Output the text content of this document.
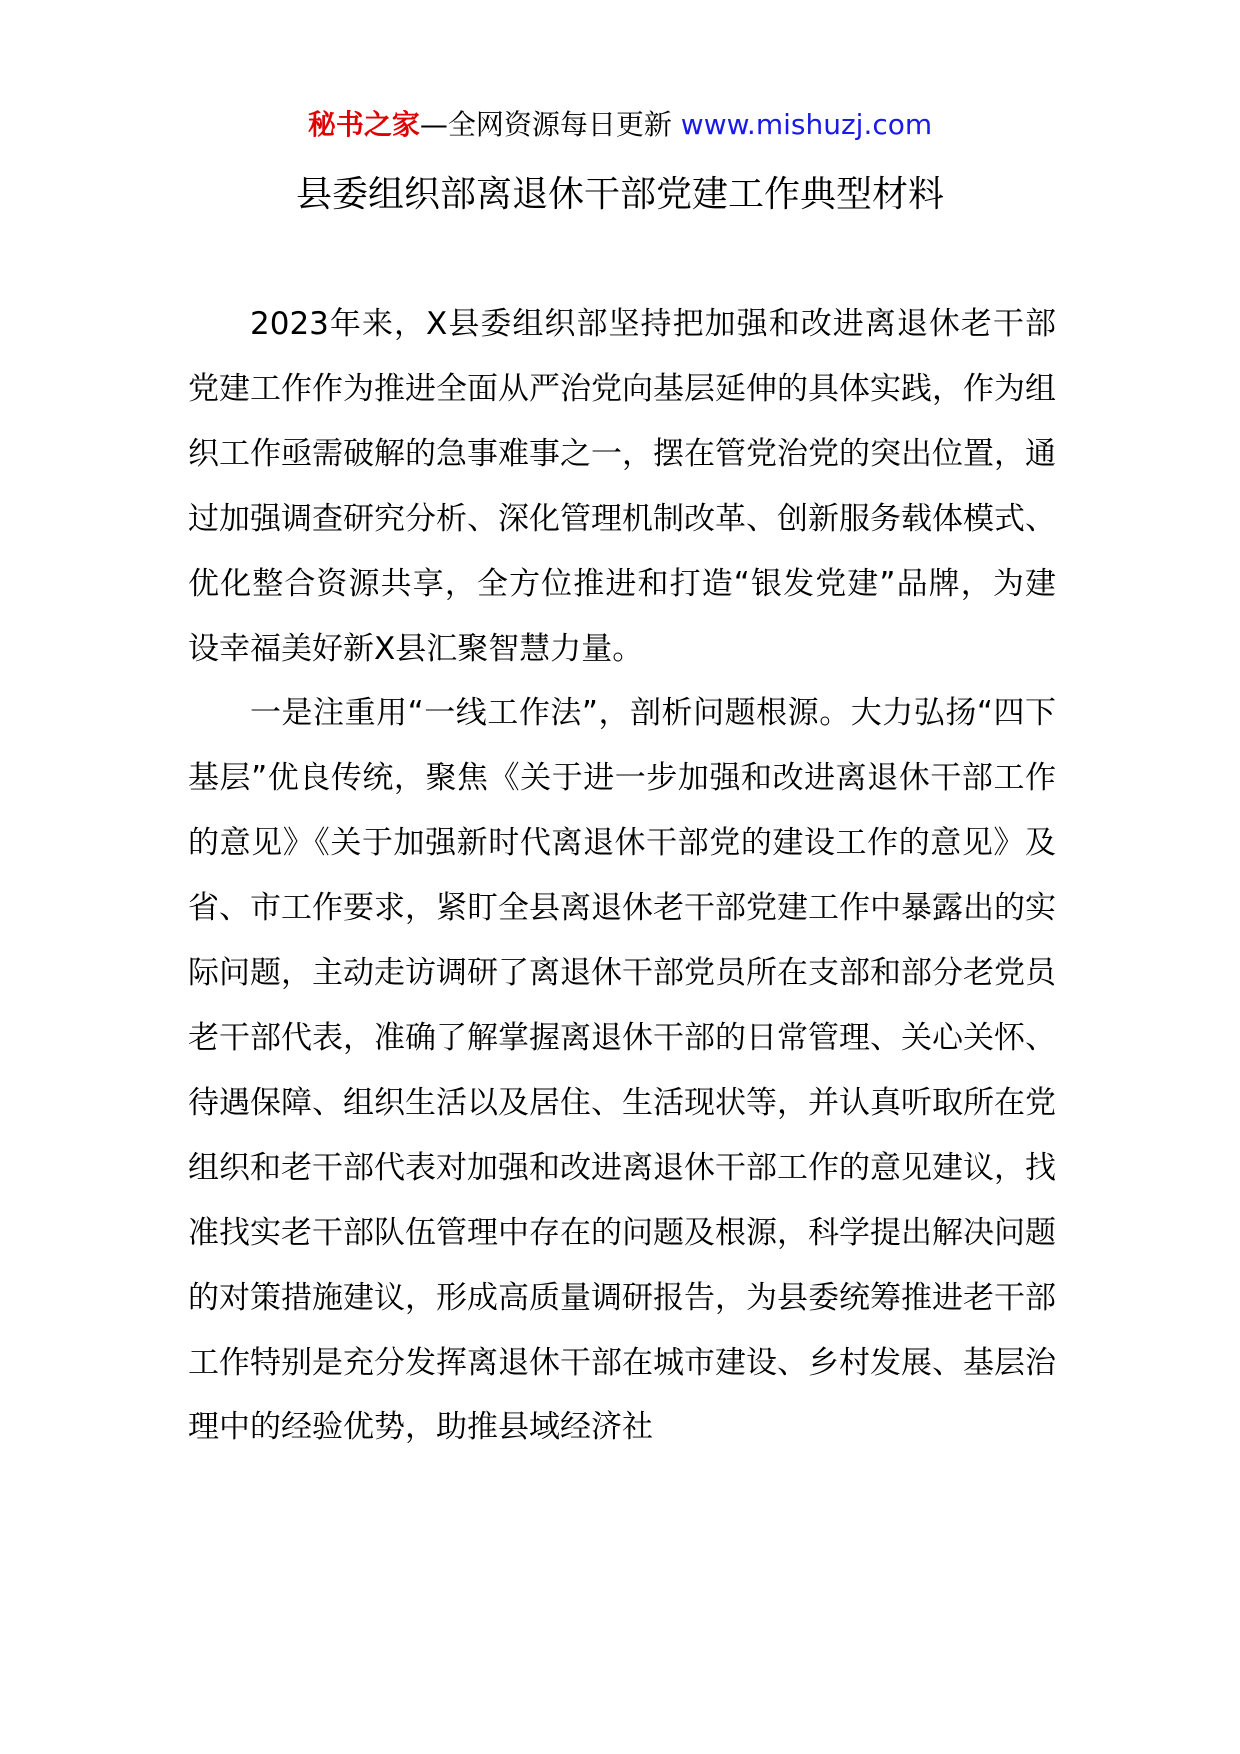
秘书之家—全网资源每日更新 www.mishuzj.com
县委组织部离退休干部党建工作典型材料

2023年来，X县委组织部坚持把加强和改进离退休老干部党建工作作为推进全面从严治党向基层延伸的具体实践，作为组织工作亟需破解的急事难事之一，摆在管党治党的突出位置，通过加强调查研究分析、深化管理机制改革、创新服务载体模式、优化整合资源共享，全方位推进和打造“银发党建”品牌，为建设幸福美好新X县汇聚智慧力量。

一是注重用“一线工作法”，剖析问题根源。大力弘扬“四下基层”优良传统，聚焦《关于进一步加强和改进离退休干部工作的意见》《关于加强新时代离退休干部党的建设工作的意见》及省、市工作要求，紧盯全县离退休老干部党建工作中暴露出的实际问题，主动走访调研了离退休干部党员所在支部和部分老党员老干部代表，准确了解掌握离退休干部的日常管理、关心关怀、待遇保障、组织生活以及居住、生活现状等，并认真听取所在党组织和老干部代表对加强和改进离退休干部工作的意见建议，找准找实老干部队伍管理中存在的问题及根源，科学提出解决问题的对策措施建议，形成高质量调研报告，为县委统筹推进老干部工作特别是充分发挥离退休干部在城市建设、乡村发展、基层治理中的经验优势，助推县域经济社
